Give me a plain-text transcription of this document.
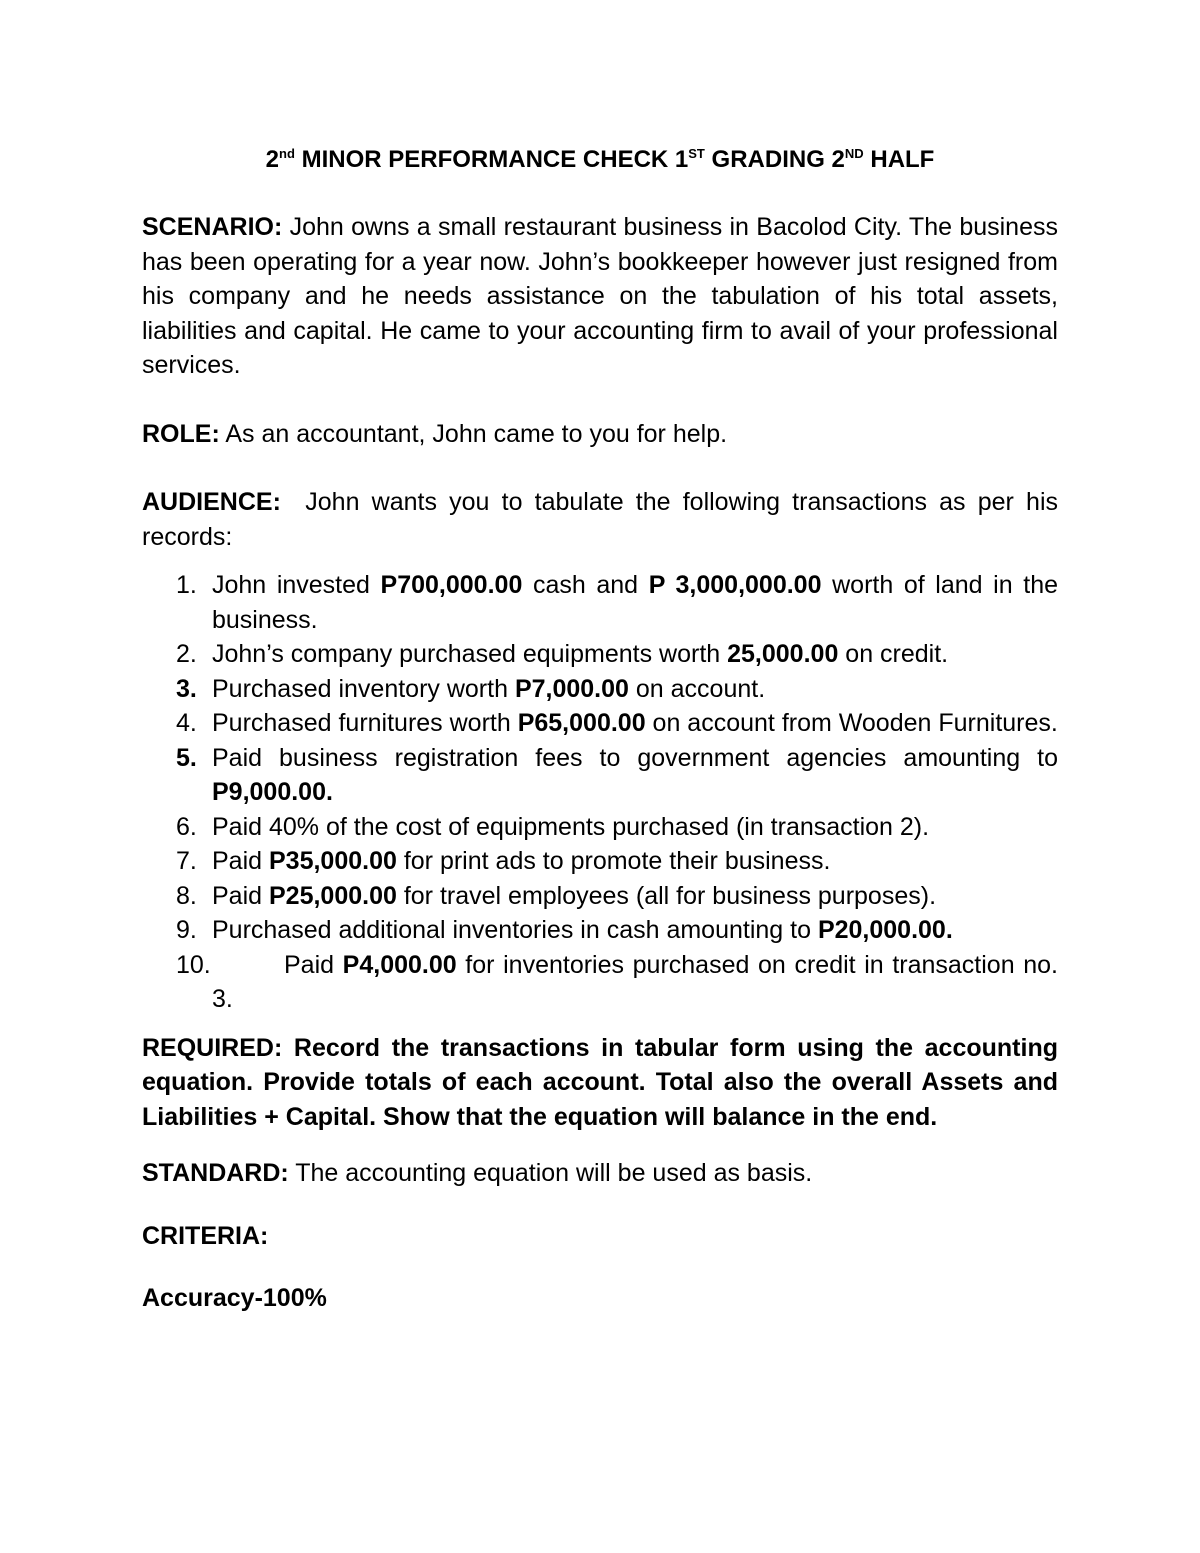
2nd MINOR PERFORMANCE CHECK 1ST GRADING 2ND HALF
SCENARIO: John owns a small restaurant business in Bacolod City. The business has been operating for a year now. John’s bookkeeper however just resigned from his company and he needs assistance on the tabulation of his total assets, liabilities and capital. He came to your accounting firm to avail of your professional services.
ROLE: As an accountant, John came to you for help.
AUDIENCE:  John wants you to tabulate the following transactions as per his records:
1. John invested P700,000.00 cash and P 3,000,000.00 worth of land in the business.
2. John’s company purchased equipments worth 25,000.00 on credit.
3. Purchased inventory worth P7,000.00 on account.
4. Purchased furnitures worth P65,000.00 on account from Wooden Furnitures.
5. Paid business registration fees to government agencies amounting to P9,000.00.
6. Paid 40% of the cost of equipments purchased (in transaction 2).
7. Paid P35,000.00 for print ads to promote their business.
8. Paid P25,000.00 for travel employees (all for business purposes).
9. Purchased additional inventories in cash amounting to P20,000.00.
10.	Paid P4,000.00 for inventories purchased on credit in transaction no. 3.
REQUIRED: Record the transactions in tabular form using the accounting equation. Provide totals of each account. Total also the overall Assets and Liabilities + Capital. Show that the equation will balance in the end.
STANDARD: The accounting equation will be used as basis.
CRITERIA:
Accuracy-100%
